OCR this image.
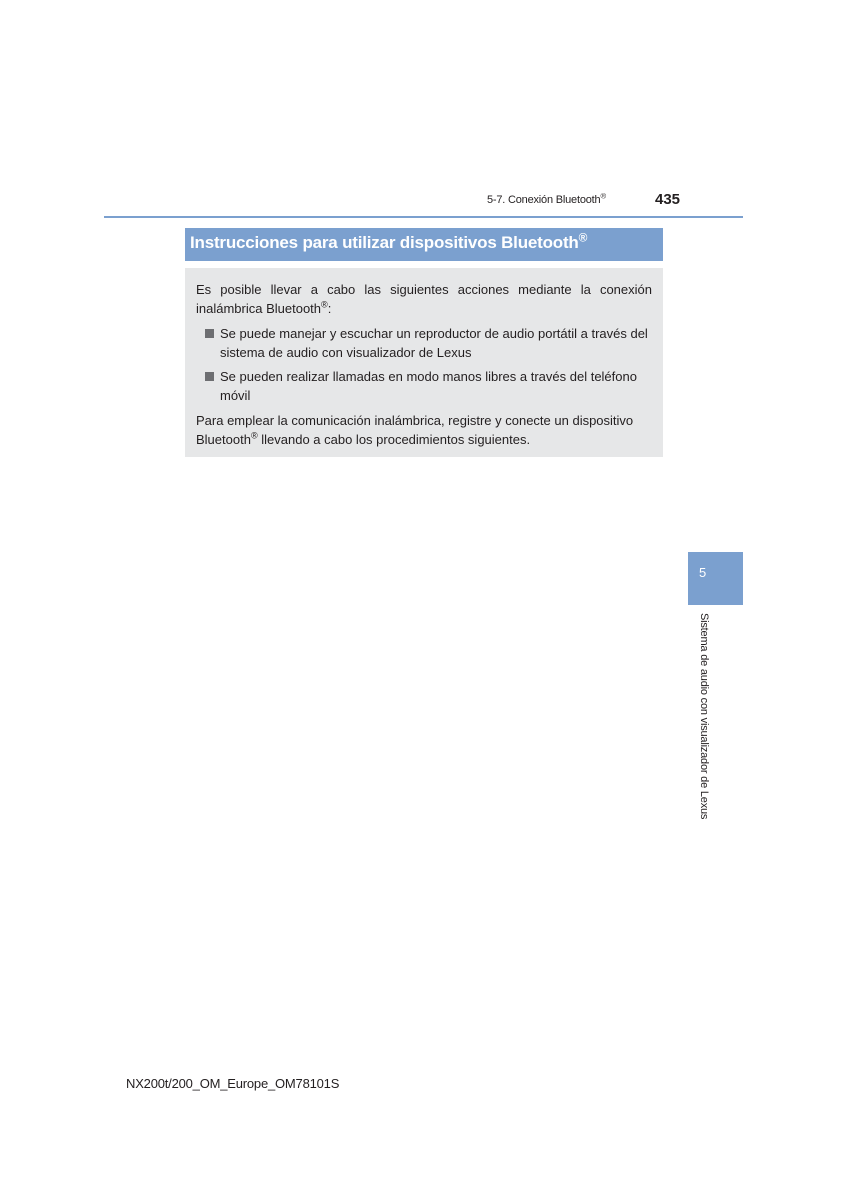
5-7. Conexión Bluetooth®	435
Instrucciones para utilizar dispositivos Bluetooth®

Es posible llevar a cabo las siguientes acciones mediante la conexión inalámbrica Bluetooth®:

Se puede manejar y escuchar un reproductor de audio portátil a través del sistema de audio con visualizador de Lexus
Se pueden realizar llamadas en modo manos libres a través del teléfono móvil

Para emplear la comunicación inalámbrica, registre y conecte un dispositivo Bluetooth® llevando a cabo los procedimientos siguientes.

5
Sistema de audio con visualizador de Lexus
NX200t/200_OM_Europe_OM78101S
